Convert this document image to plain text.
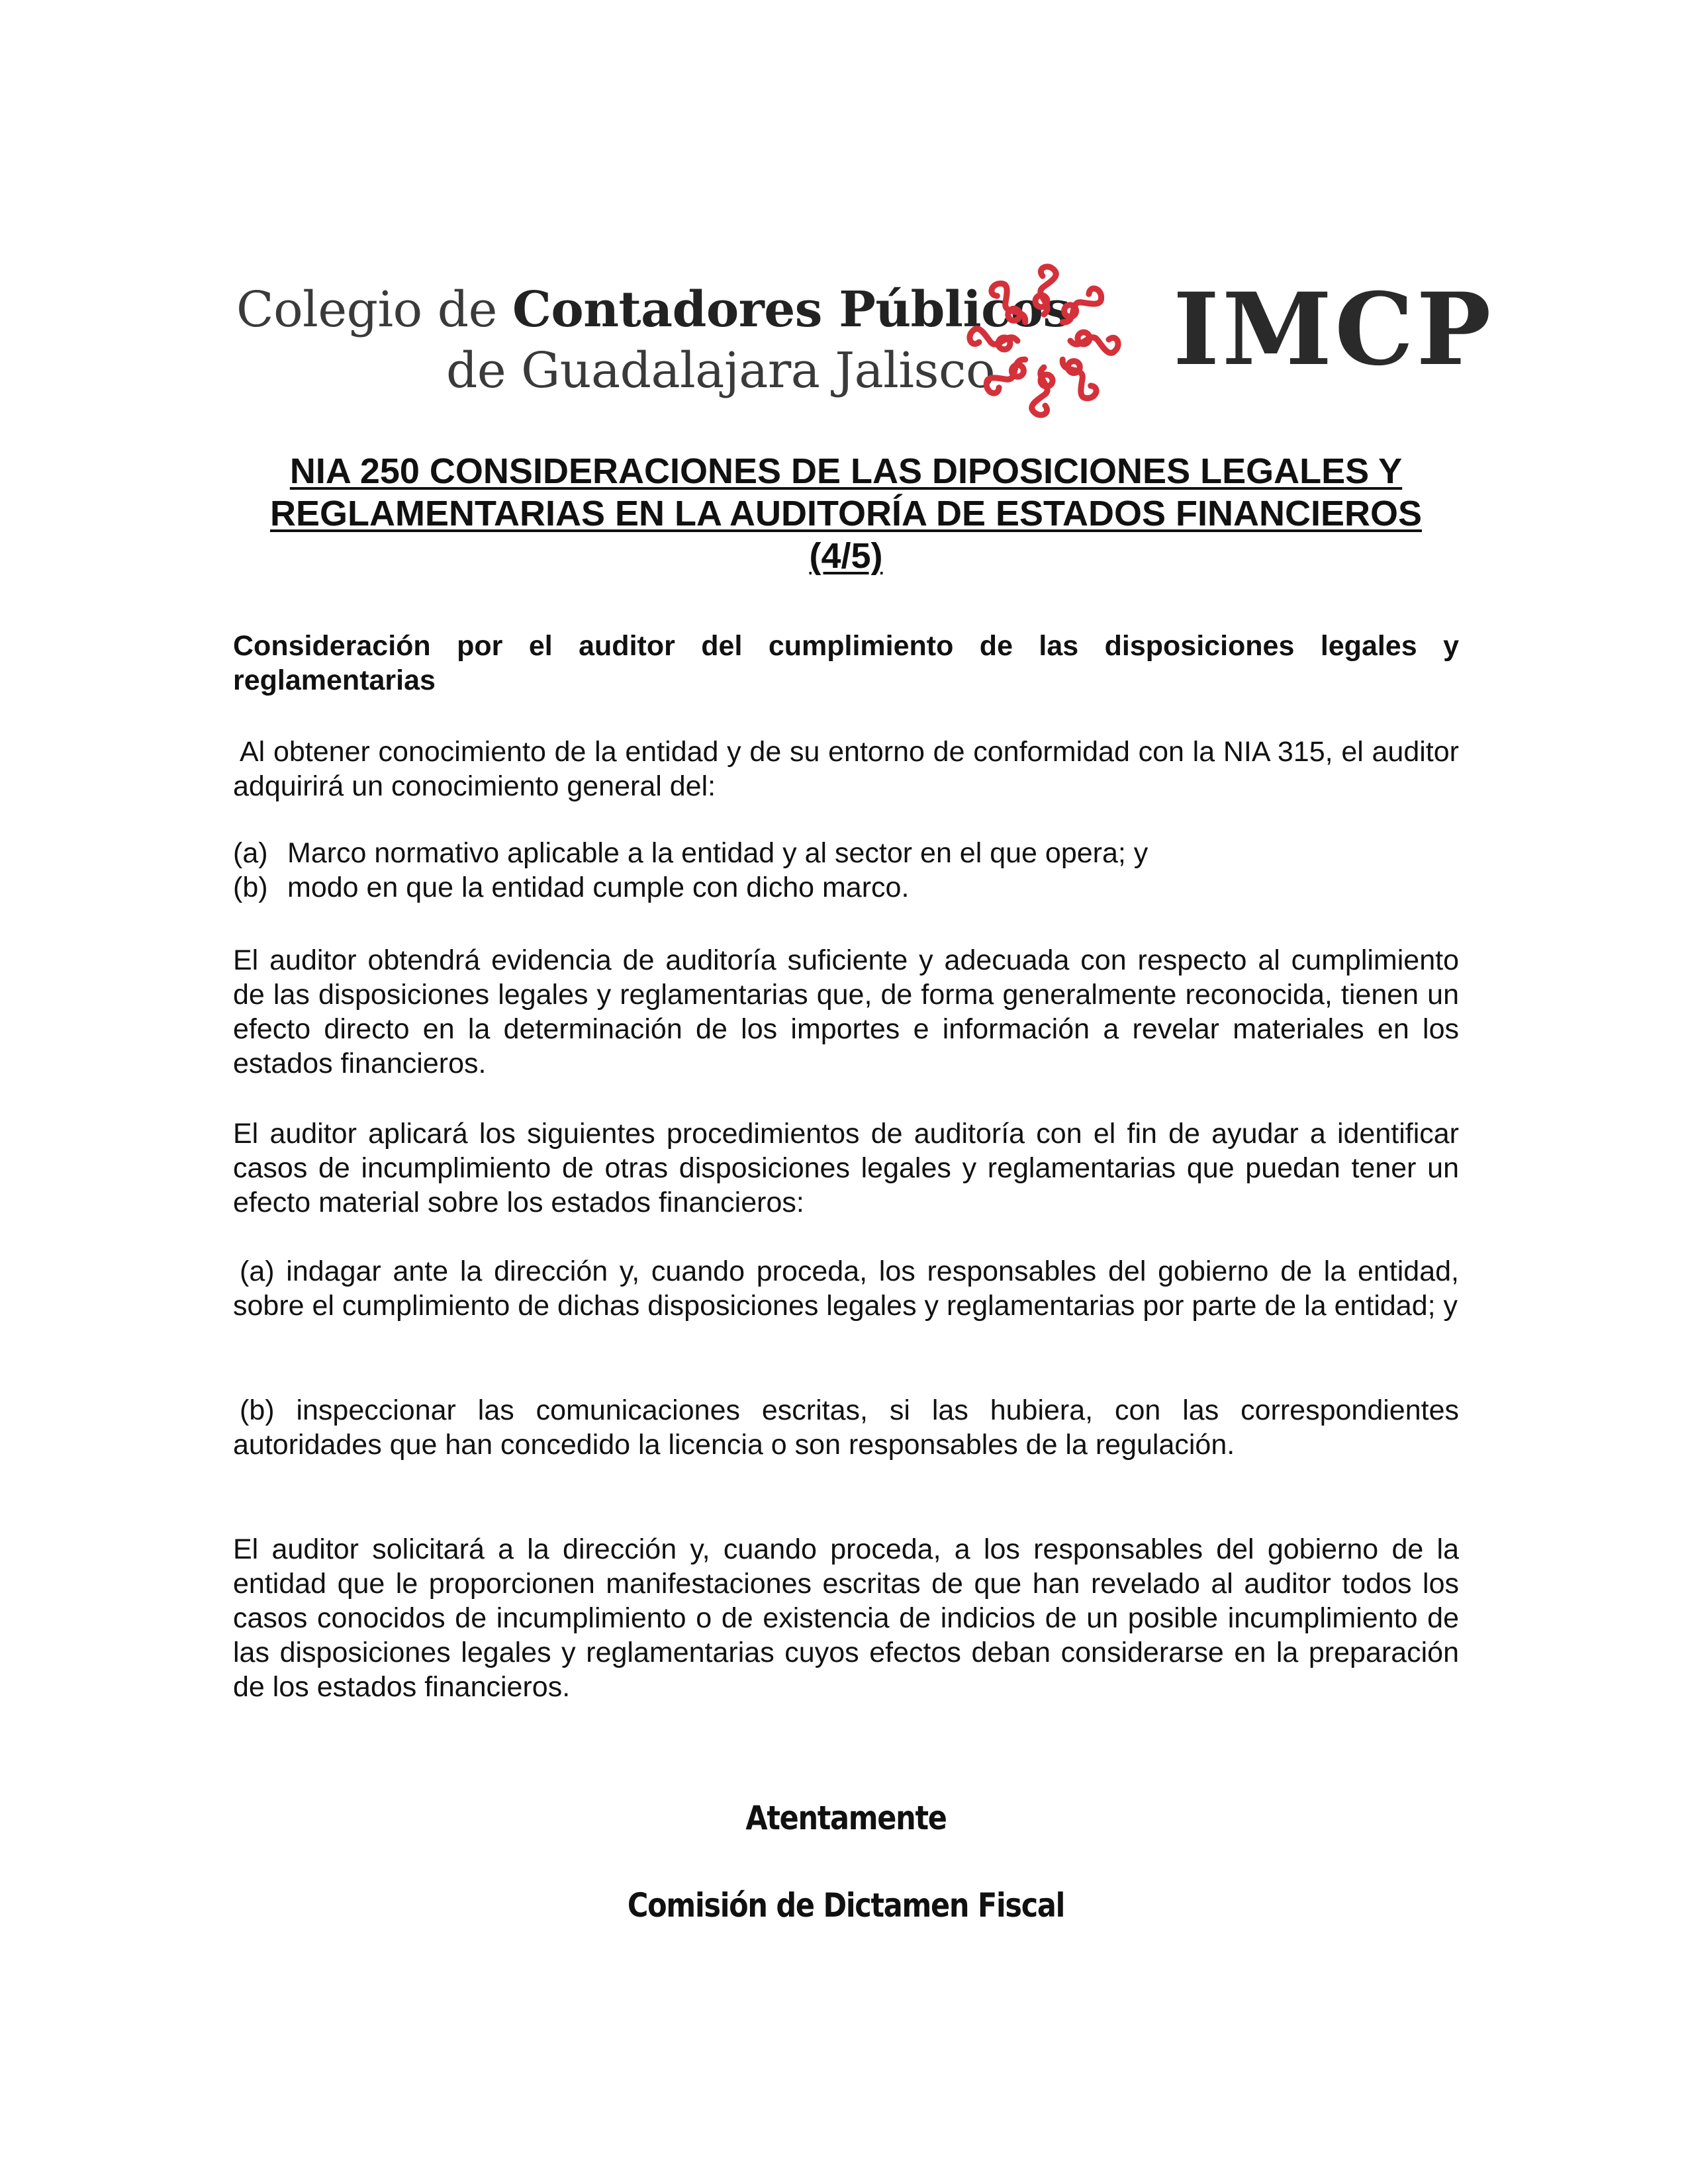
Colegio de Contadores Públicos
de Guadalajara Jalisco IMCP
NIA 250 CONSIDERACIONES DE LAS DIPOSICIONES LEGALES Y REGLAMENTARIAS EN LA AUDITORÍA DE ESTADOS FINANCIEROS (4/5)
Consideración por el auditor del cumplimiento de las disposiciones legales y reglamentarias
Al obtener conocimiento de la entidad y de su entorno de conformidad con la NIA 315, el auditor adquirirá un conocimiento general del:
(a) Marco normativo aplicable a la entidad y al sector en el que opera; y
(b) modo en que la entidad cumple con dicho marco.
El auditor obtendrá evidencia de auditoría suficiente y adecuada con respecto al cumplimiento de las disposiciones legales y reglamentarias que, de forma generalmente reconocida, tienen un efecto directo en la determinación de los importes e información a revelar materiales en los estados financieros.
El auditor aplicará los siguientes procedimientos de auditoría con el fin de ayudar a identificar casos de incumplimiento de otras disposiciones legales y reglamentarias que puedan tener un efecto material sobre los estados financieros:
(a) indagar ante la dirección y, cuando proceda, los responsables del gobierno de la entidad, sobre el cumplimiento de dichas disposiciones legales y reglamentarias por parte de la entidad; y
(b) inspeccionar las comunicaciones escritas, si las hubiera, con las correspondientes autoridades que han concedido la licencia o son responsables de la regulación.
El auditor solicitará a la dirección y, cuando proceda, a los responsables del gobierno de la entidad que le proporcionen manifestaciones escritas de que han revelado al auditor todos los casos conocidos de incumplimiento o de existencia de indicios de un posible incumplimiento de las disposiciones legales y reglamentarias cuyos efectos deban considerarse en la preparación de los estados financieros.
Atentamente
Comisión de Dictamen Fiscal
